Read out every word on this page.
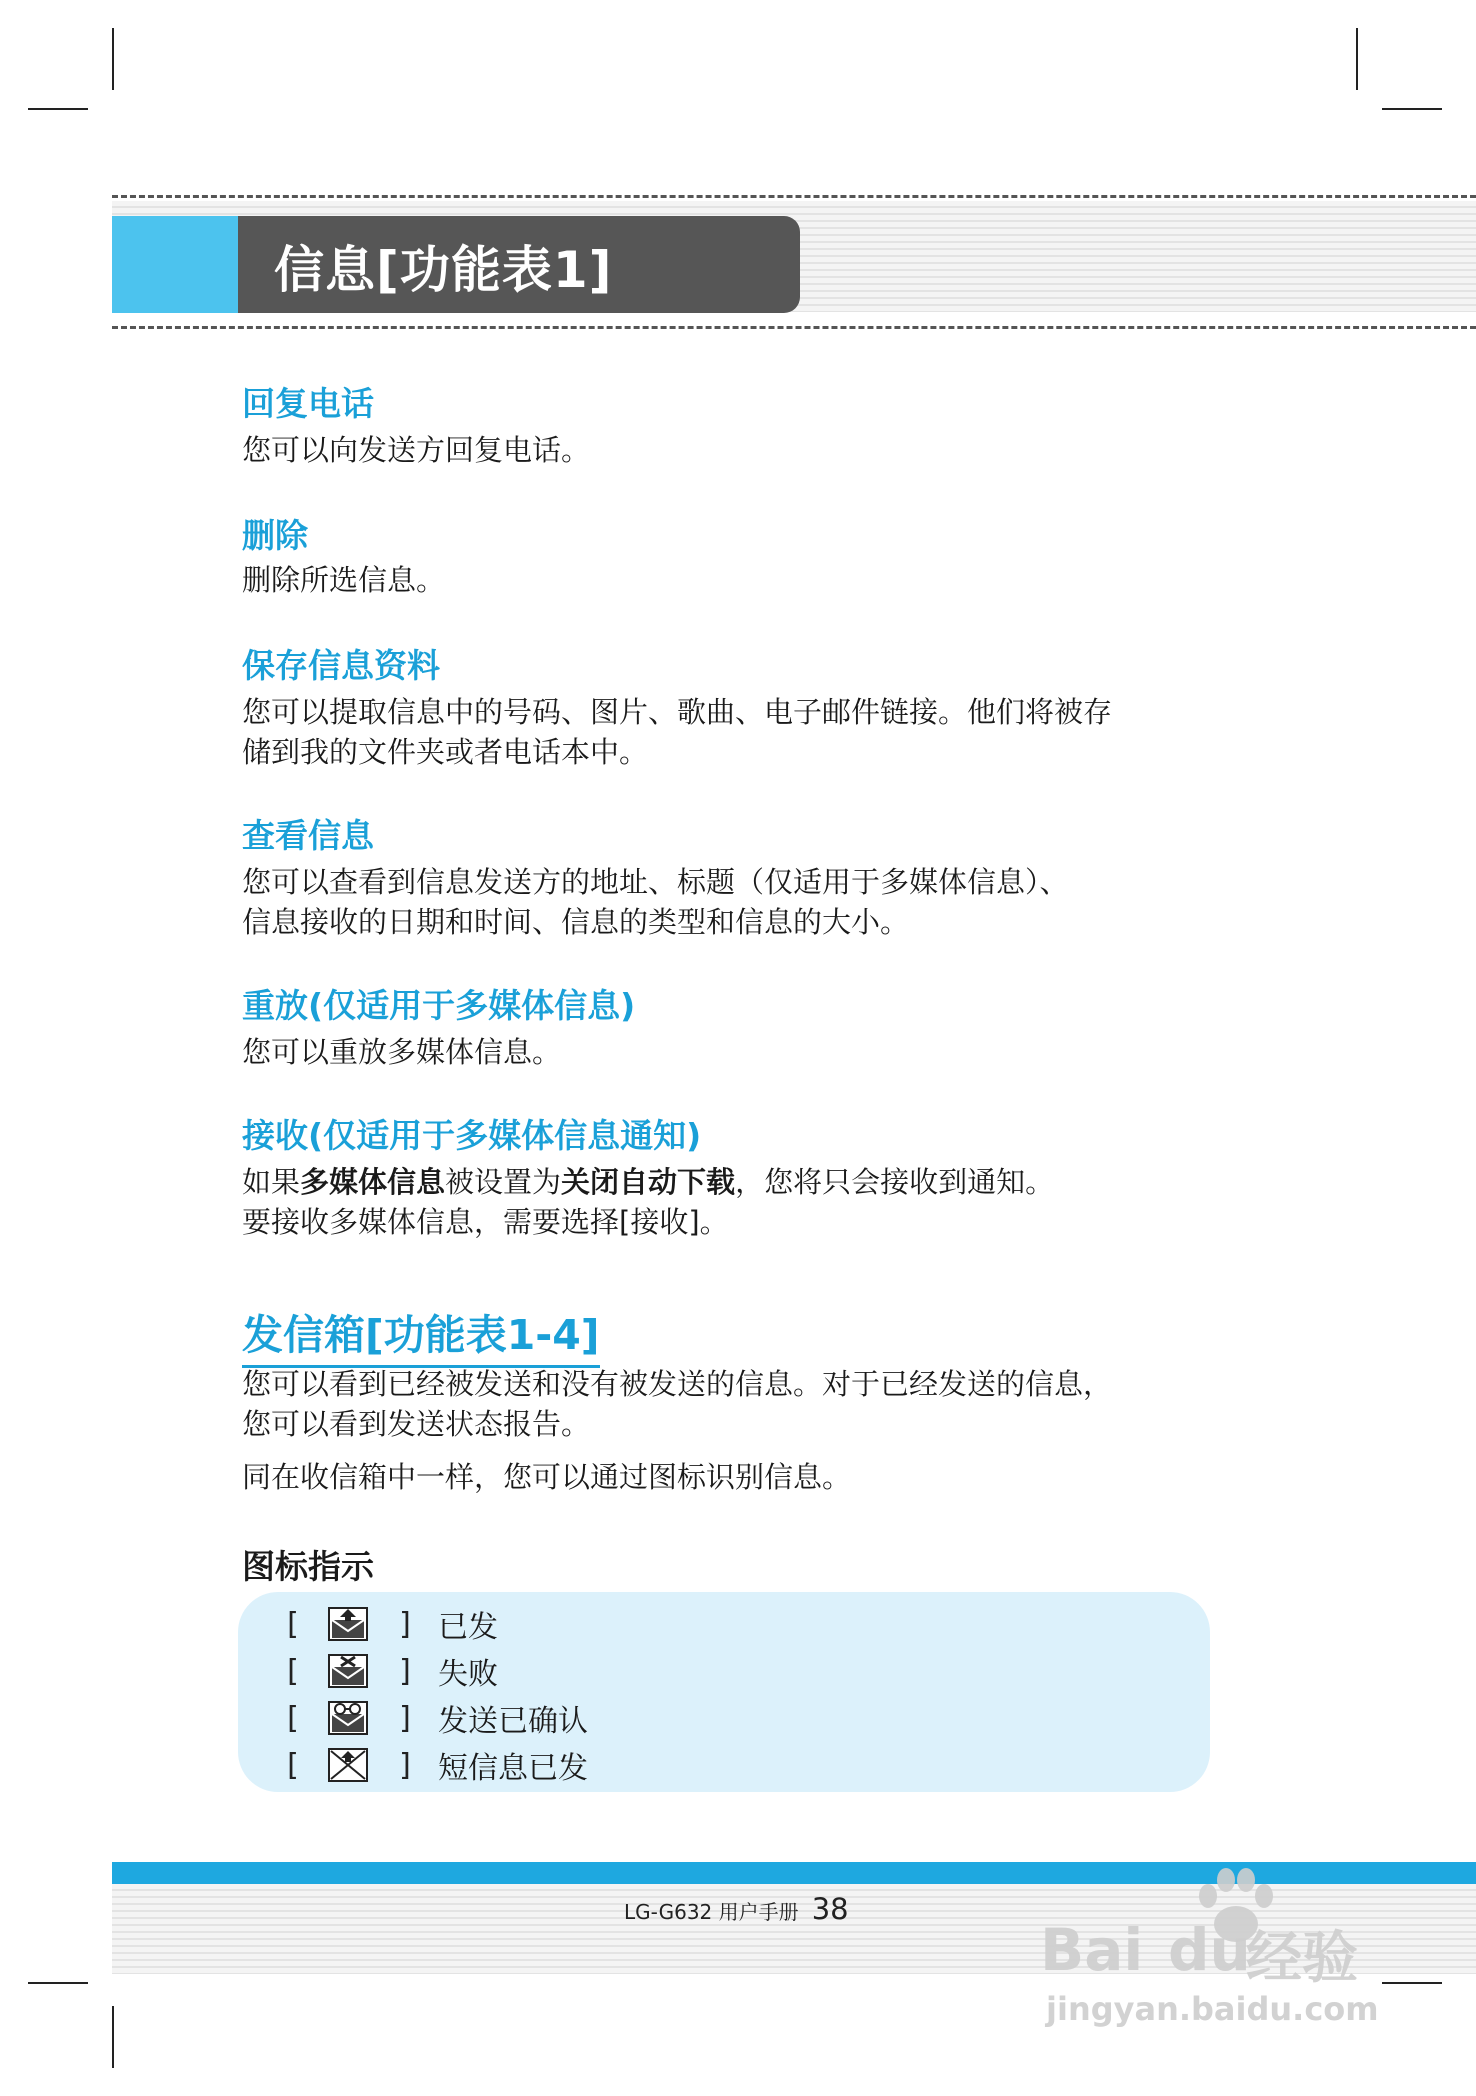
信息[功能表1]
回复电话
您可以向发送方回复电话。
删除
删除所选信息。
保存信息资料
您可以提取信息中的号码、图片、歌曲、电子邮件链接。他们将被存
储到我的文件夹或者电话本中。
查看信息
您可以查看到信息发送方的地址、标题（仅适用于多媒体信息）、
信息接收的日期和时间、信息的类型和信息的大小。
重放(仅适用于多媒体信息)
您可以重放多媒体信息。
接收(仅适用于多媒体信息通知)
如果多媒体信息被设置为关闭自动下载，您将只会接收到通知。
要接收多媒体信息，需要选择[接收]。
发信箱[功能表1-4]
您可以看到已经被发送和没有被发送的信息。对于已经发送的信息，
您可以看到发送状态报告。
同在收信箱中一样，您可以通过图标识别信息。
图标指示
[	] 已发
[	] 失败
[	] 发送已确认
[	] 短信息已发
LG-G632 用户手册 38
Bai du
经验
jingyan.baidu.com
